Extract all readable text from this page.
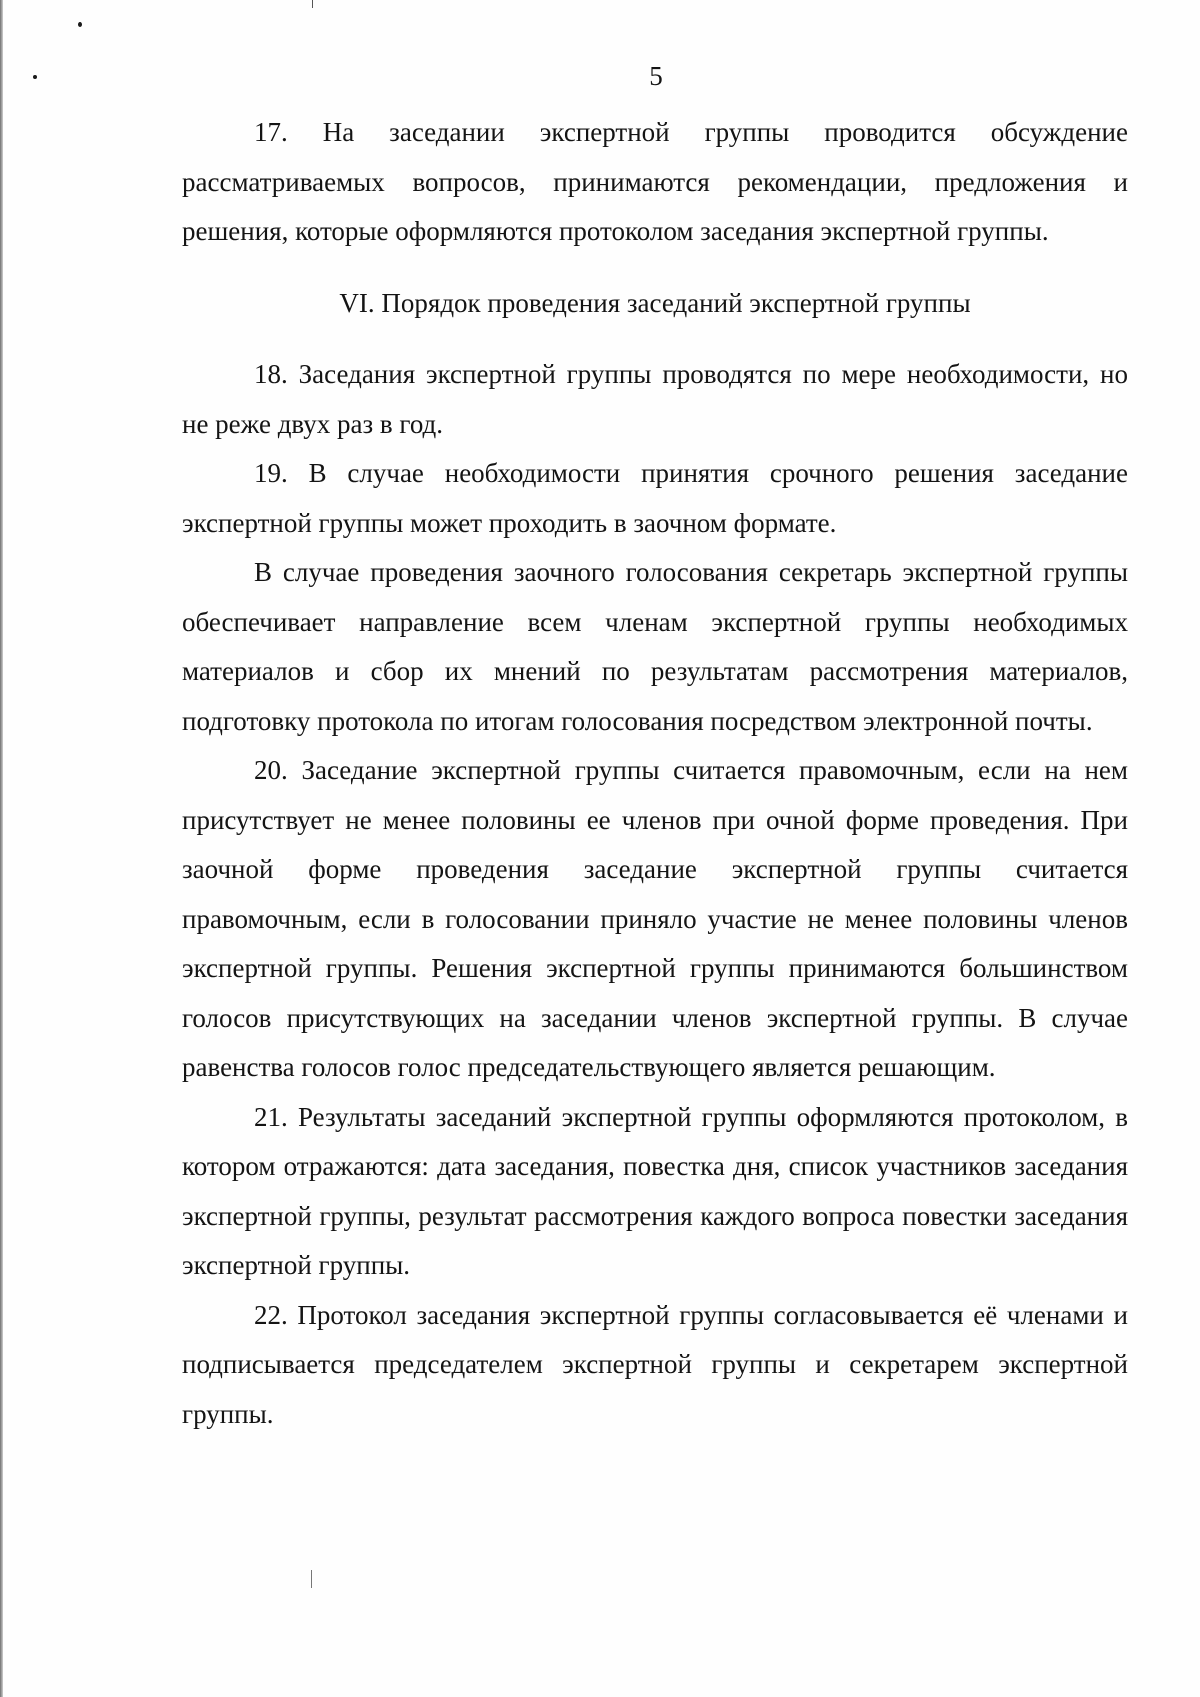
5

17. На заседании экспертной группы проводится обсуждение рассматриваемых вопросов, принимаются рекомендации, предложения и решения, которые оформляются протоколом заседания экспертной группы.

VI. Порядок проведения заседаний экспертной группы

18. Заседания экспертной группы проводятся по мере необходимости, но не реже двух раз в год.

19. В случае необходимости принятия срочного решения заседание экспертной группы может проходить в заочном формате.

В случае проведения заочного голосования секретарь экспертной группы обеспечивает направление всем членам экспертной группы необходимых материалов и сбор их мнений по результатам рассмотрения материалов, подготовку протокола по итогам голосования посредством электронной почты.

20. Заседание экспертной группы считается правомочным, если на нем присутствует не менее половины ее членов при очной форме проведения. При заочной форме проведения заседание экспертной группы считается правомочным, если в голосовании приняло участие не менее половины членов экспертной группы. Решения экспертной группы принимаются большинством голосов присутствующих на заседании членов экспертной группы. В случае равенства голосов голос председательствующего является решающим.

21. Результаты заседаний экспертной группы оформляются протоколом, в котором отражаются: дата заседания, повестка дня, список участников заседания экспертной группы, результат рассмотрения каждого вопроса повестки заседания экспертной группы.

22. Протокол заседания экспертной группы согласовывается её членами и подписывается председателем экспертной группы и секретарем экспертной группы.
